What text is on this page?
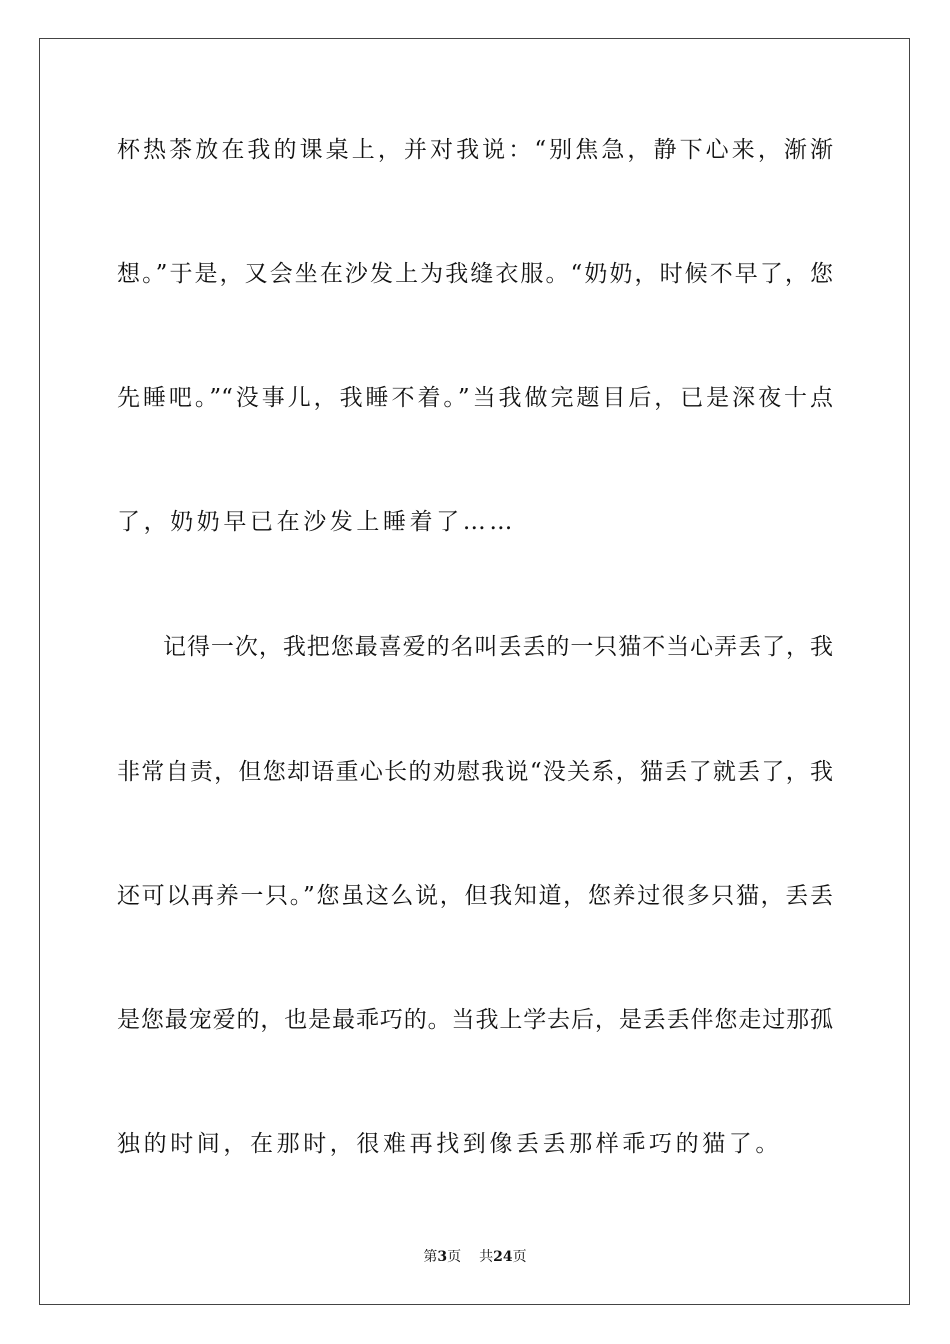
杯热茶放在我的课桌上，并对我说：“别焦急，静下心来，渐渐
想。”于是，又会坐在沙发上为我缝衣服。“奶奶，时候不早了，您
先睡吧。”“没事儿，我睡不着。”当我做完题目后，已是深夜十点
了，奶奶早已在沙发上睡着了……
记得一次，我把您最喜爱的名叫丢丢的一只猫不当心弄丢了，我
非常自责，但您却语重心长的劝慰我说“没关系，猫丢了就丢了，我
还可以再养一只。”您虽这么说，但我知道，您养过很多只猫，丢丢
是您最宠爱的，也是最乖巧的。当我上学去后，是丢丢伴您走过那孤
独的时间，在那时，很难再找到像丢丢那样乖巧的猫了。
第3页 共24页
